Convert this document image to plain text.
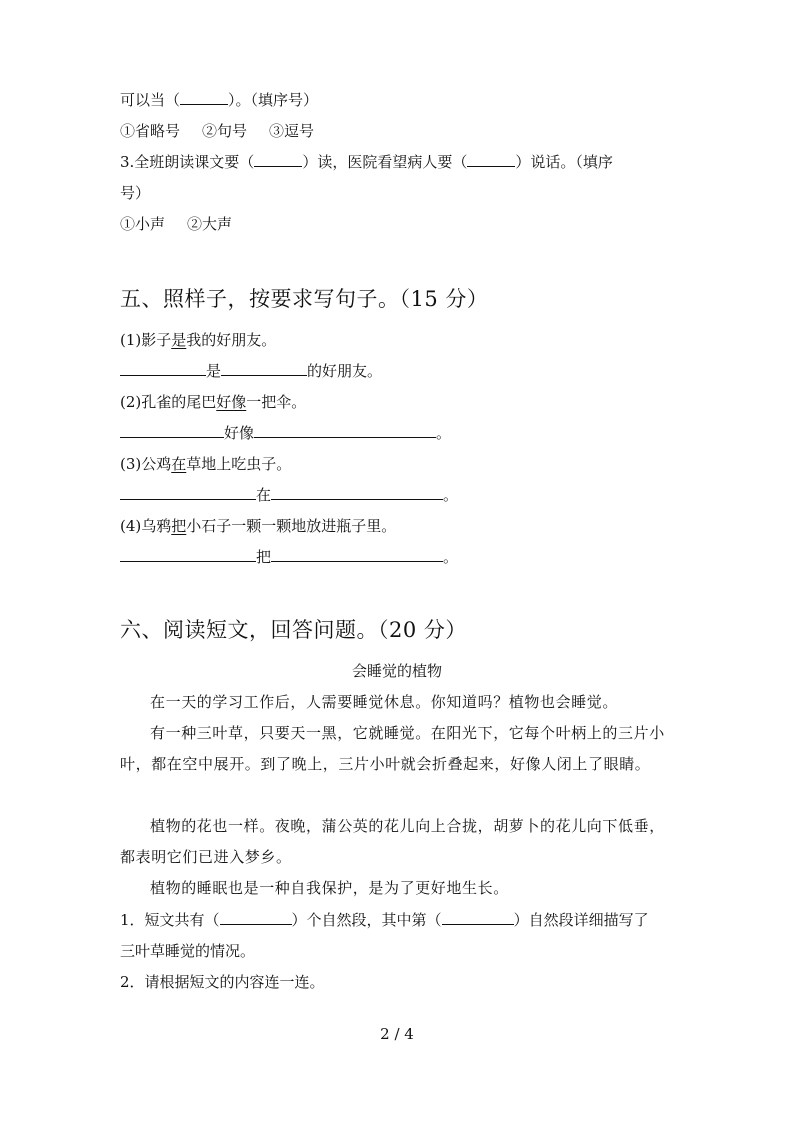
可以当（	）。（填序号）
①省略号 ②句号 ③逗号
3.全班朗读课文要（	）读，医院看望病人要（	）说话。（填序
号）
①小声 ②大声
五、照样子，按要求写句子。（15 分）
(1)影子是我的好朋友。
是	的好朋友。
(2)孔雀的尾巴好像一把伞。
好像	。
(3)公鸡在草地上吃虫子。
在	。
(4)乌鸦把小石子一颗一颗地放进瓶子里。
把	。
六、阅读短文，回答问题。（20 分）
会睡觉的植物
在一天的学习工作后，人需要睡觉休息。你知道吗？植物也会睡觉。
有一种三叶草，只要天一黑，它就睡觉。在阳光下，它每个叶柄上的三片小叶，都在空中展开。到了晚上，三片小叶就会折叠起来，好像人闭上了眼睛。
植物的花也一样。夜晚，蒲公英的花儿向上合拢，胡萝卜的花儿向下低垂，都表明它们已进入梦乡。
植物的睡眠也是一种自我保护，是为了更好地生长。
1．短文共有（	）个自然段，其中第（	）自然段详细描写了
三叶草睡觉的情况。
2．请根据短文的内容连一连。
2 / 4
